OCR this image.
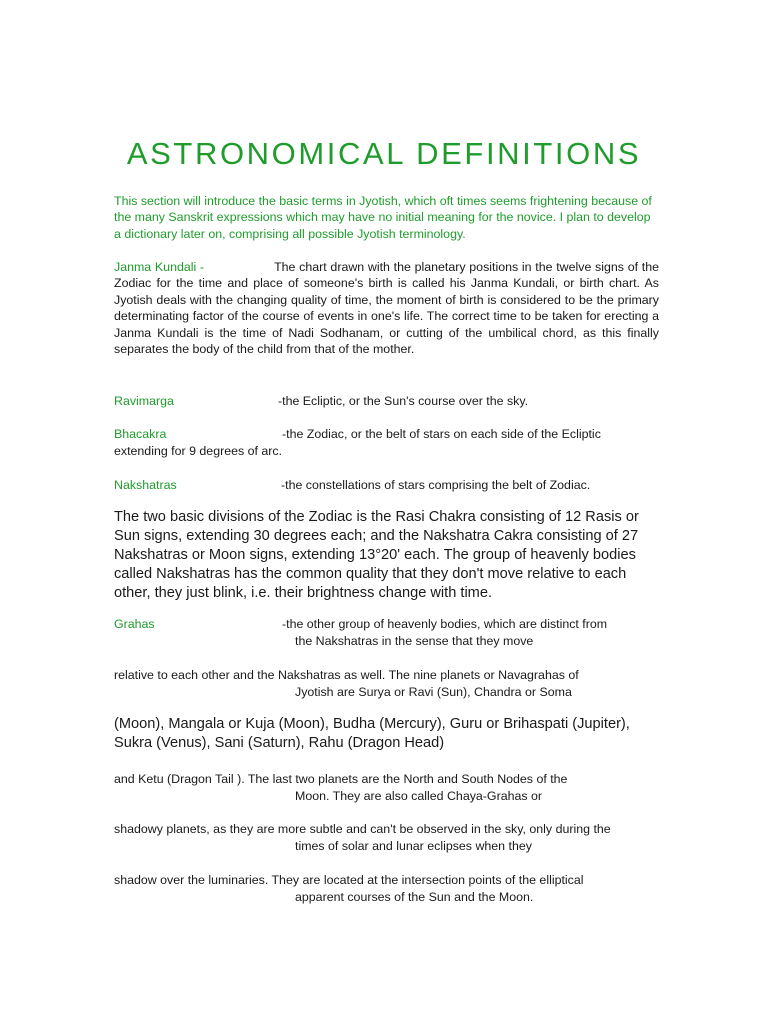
ASTRONOMICAL DEFINITIONS
This section will introduce the basic terms in Jyotish, which oft times seems frightening because of the many Sanskrit expressions which may have no initial meaning for the novice. I plan to develop a dictionary later on, comprising all possible Jyotish terminology.
Janma Kundali -	The chart drawn with the planetary positions in the twelve signs of the Zodiac for the time and place of someone's birth is called his Janma Kundali, or birth chart. As Jyotish deals with the changing quality of time, the moment of birth is considered to be the primary determinating factor of the course of events in one's life. The correct time to be taken for erecting a Janma Kundali is the time of Nadi Sodhanam, or cutting of the umbilical chord, as this finally separates the body of the child from that of the mother.
Ravimarga	-the Ecliptic, or the Sun's course over the sky.
Bhacakra	-the Zodiac, or the belt of stars on each side of the Ecliptic
extending for 9 degrees of arc.
Nakshatras	-the constellations of stars comprising the belt of Zodiac.
The two basic divisions of the Zodiac is the Rasi Chakra consisting of 12 Rasis or Sun signs, extending 30 degrees each; and the Nakshatra Cakra consisting of 27 Nakshatras or Moon signs, extending 13°20' each. The group of heavenly bodies called Nakshatras has the common quality that they don't move relative to each other, they just blink, i.e. their brightness change with time.
Grahas	-the other group of heavenly bodies, which are distinct from
the Nakshatras in the sense that they move
relative to each other and the Nakshatras as well. The nine planets or Navagrahas of
Jyotish are Surya or Ravi (Sun), Chandra or Soma
(Moon), Mangala or Kuja (Moon), Budha (Mercury), Guru or Brihaspati (Jupiter), Sukra (Venus), Sani (Saturn), Rahu (Dragon Head)
and Ketu (Dragon Tail ). The last two planets are the North and South Nodes of the
Moon. They are also called Chaya-Grahas or
shadowy planets, as they are more subtle and can't be observed in the sky, only during the
times of solar and lunar eclipses when they
shadow over the luminaries. They are located at the intersection points of the elliptical
apparent courses of the Sun and the Moon.
